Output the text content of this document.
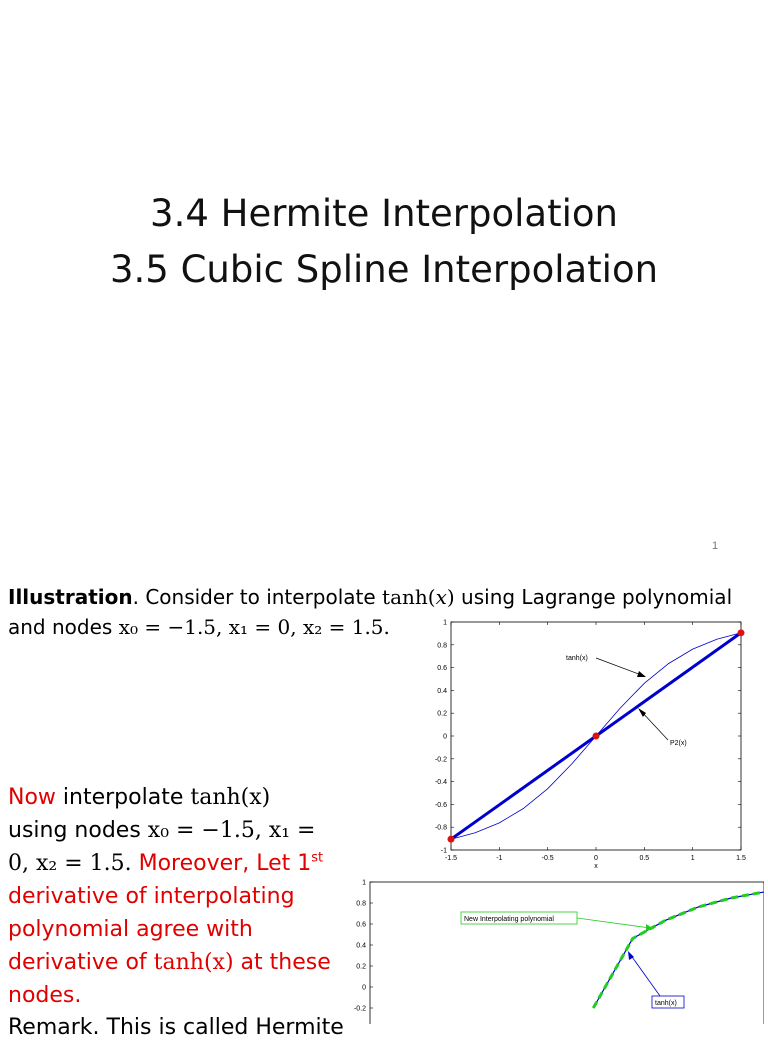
3.4 Hermite Interpolation
3.5 Cubic Spline Interpolation
1
Illustration. Consider to interpolate tanh(x) using Lagrange polynomial
and nodes x₀ = −1.5, x₁ = 0, x₂ = 1.5.
Now interpolate tanh(x)
using nodes x₀ = −1.5, x₁ =
0, x₂ = 1.5. Moreover, Let 1st
derivative of interpolating
polynomial agree with
derivative of tanh(x) at these
nodes.
Remark. This is called Hermite
1
0.8
0.6
0.4
0.2
0
-0.2
-0.4
-0.6
-0.8
-1
-1.5	-1	-0.5	0	0.5	1	1.5
x
tanh(x)
P2(x)
1
0.8
0.6
0.4
0.2
0
-0.2
New Interpolating polynomial
tanh(x)
